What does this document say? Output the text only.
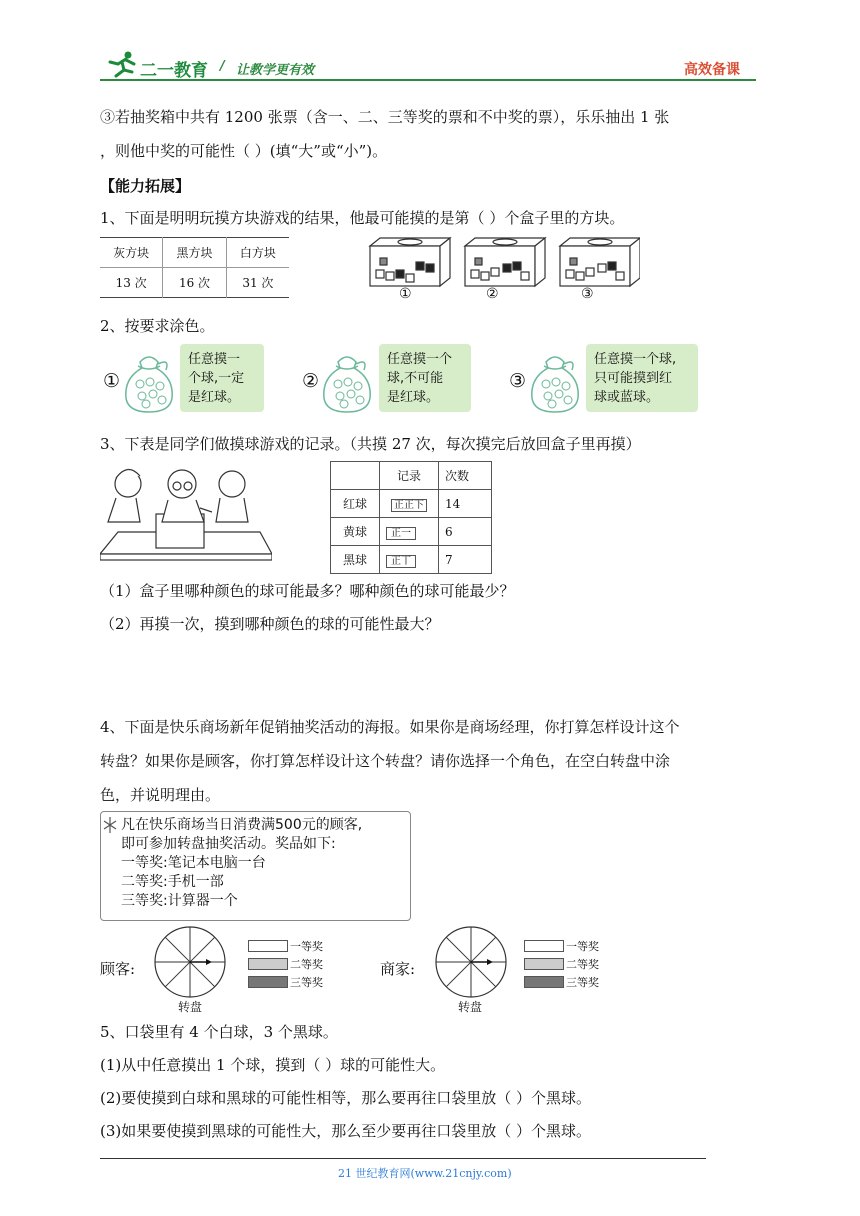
二一教育 / 让教学更有效	高效备课
③若抽奖箱中共有 1200 张票（含一、二、三等奖的票和不中奖的票），乐乐抽出 1 张
，则他中奖的可能性（ ）(填“大”或“小”)。
【能力拓展】
1、下面是明明玩摸方块游戏的结果，他最可能摸的是第（ ）个盒子里的方块。
灰方块	黑方块	白方块
13 次	16 次	31 次
①	②	③
2、按要求涂色。
①
任意摸一
个球,一定
是红球。
②
任意摸一个
球,不可能
是红球。
③
任意摸一个球,
只可能摸到红
球或蓝球。
3、下表是同学们做摸球游戏的记录。（共摸 27 次，每次摸完后放回盒子里再摸）
	记录	次数
红球	正正下	14
黄球	正一	6
黑球	正丅	7
（1）盒子里哪种颜色的球可能最多？哪种颜色的球可能最少？
（2）再摸一次，摸到哪种颜色的球的可能性最大？
4、下面是快乐商场新年促销抽奖活动的海报。如果你是商场经理，你打算怎样设计这个
转盘？如果你是顾客，你打算怎样设计这个转盘？请你选择一个角色，在空白转盘中涂
色，并说明理由。
凡在快乐商场当日消费满500元的顾客,
即可参加转盘抽奖活动。奖品如下:
一等奖:笔记本电脑一台
二等奖:手机一部
三等奖:计算器一个
顾客:
转盘
一等奖
二等奖
三等奖
商家:
转盘
一等奖
二等奖
三等奖
5、口袋里有 4 个白球，3 个黑球。
(1)从中任意摸出 1 个球，摸到（ ）球的可能性大。
(2)要使摸到白球和黑球的可能性相等，那么要再往口袋里放（ ）个黑球。
(3)如果要使摸到黑球的可能性大，那么至少要再往口袋里放（ ）个黑球。
21 世纪教育网(www.21cnjy.com)
